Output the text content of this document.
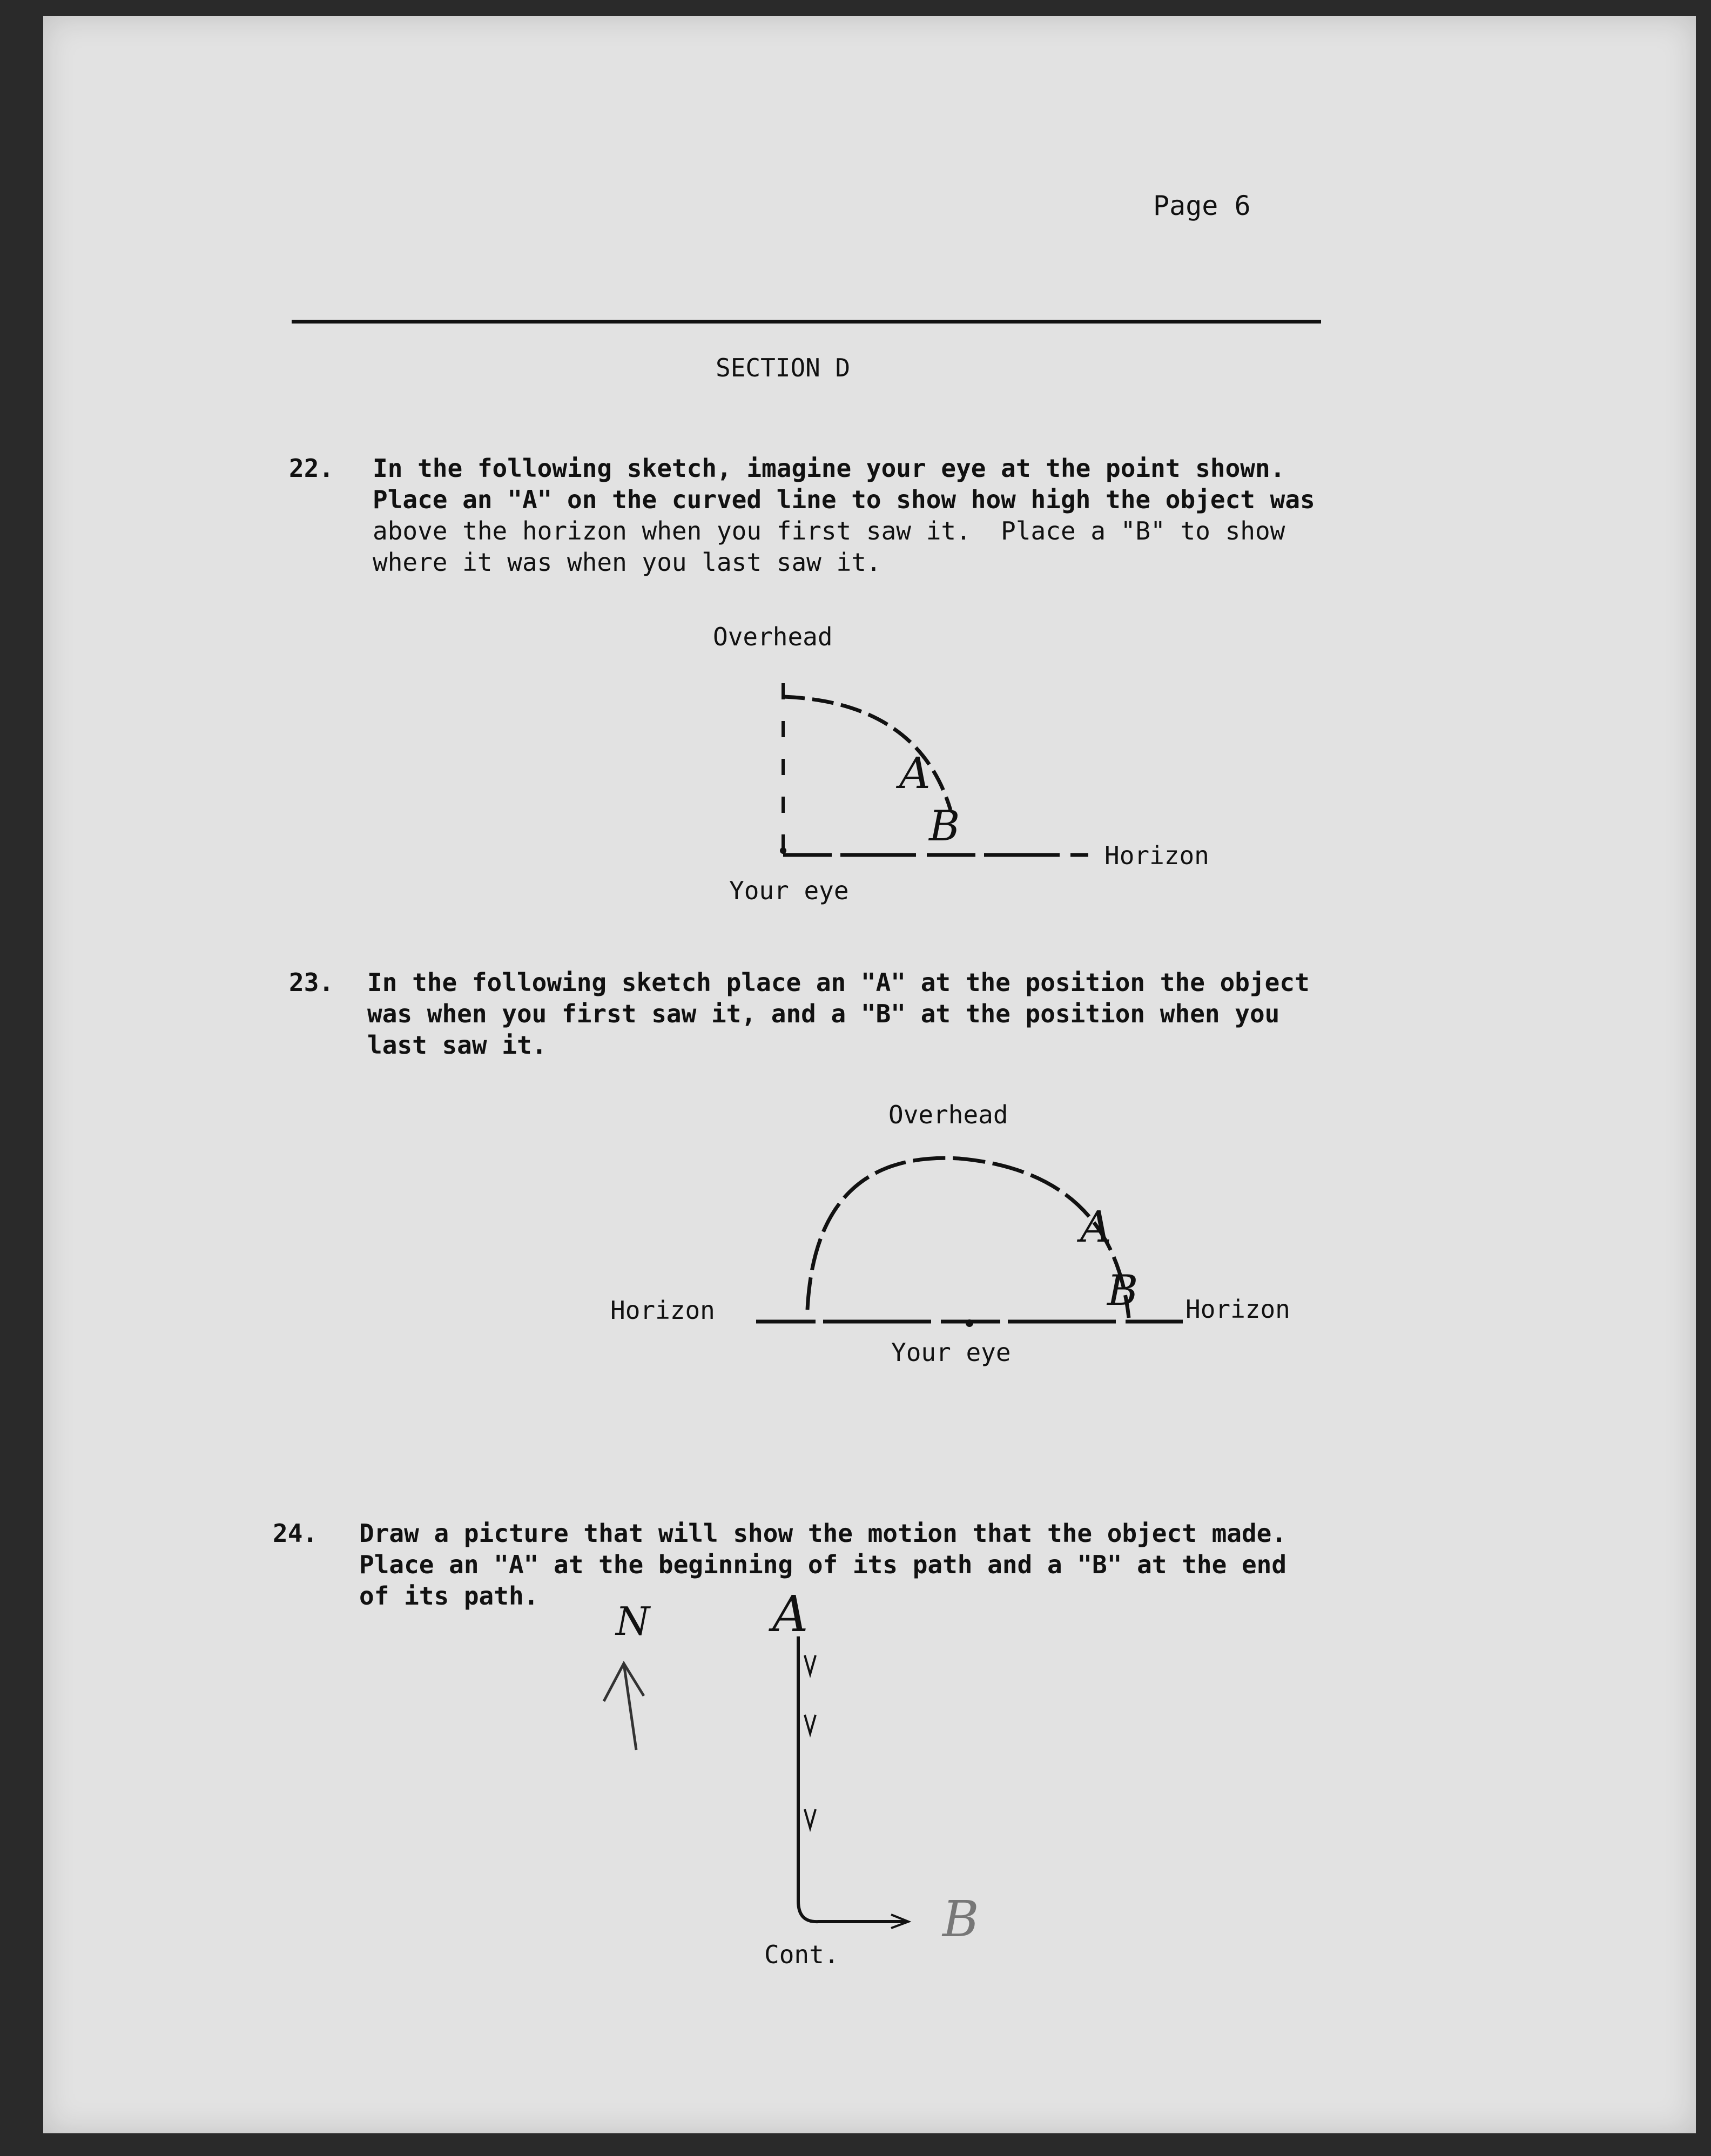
Page 6
SECTION D
22. In the following sketch, imagine your eye at the point shown.
Place an "A" on the curved line to show how high the object was
above the horizon when you first saw it.  Place a "B" to show
where it was when you last saw it.
Overhead
Horizon
Your eye
A
B
23. In the following sketch place an "A" at the position the object
was when you first saw it, and a "B" at the position when you
last saw it.
Overhead
Horizon	Horizon
Your eye
A
B
24. Draw a picture that will show the motion that the object made.
Place an "A" at the beginning of its path and a "B" at the end
of its path.
N A
B
Cont.
